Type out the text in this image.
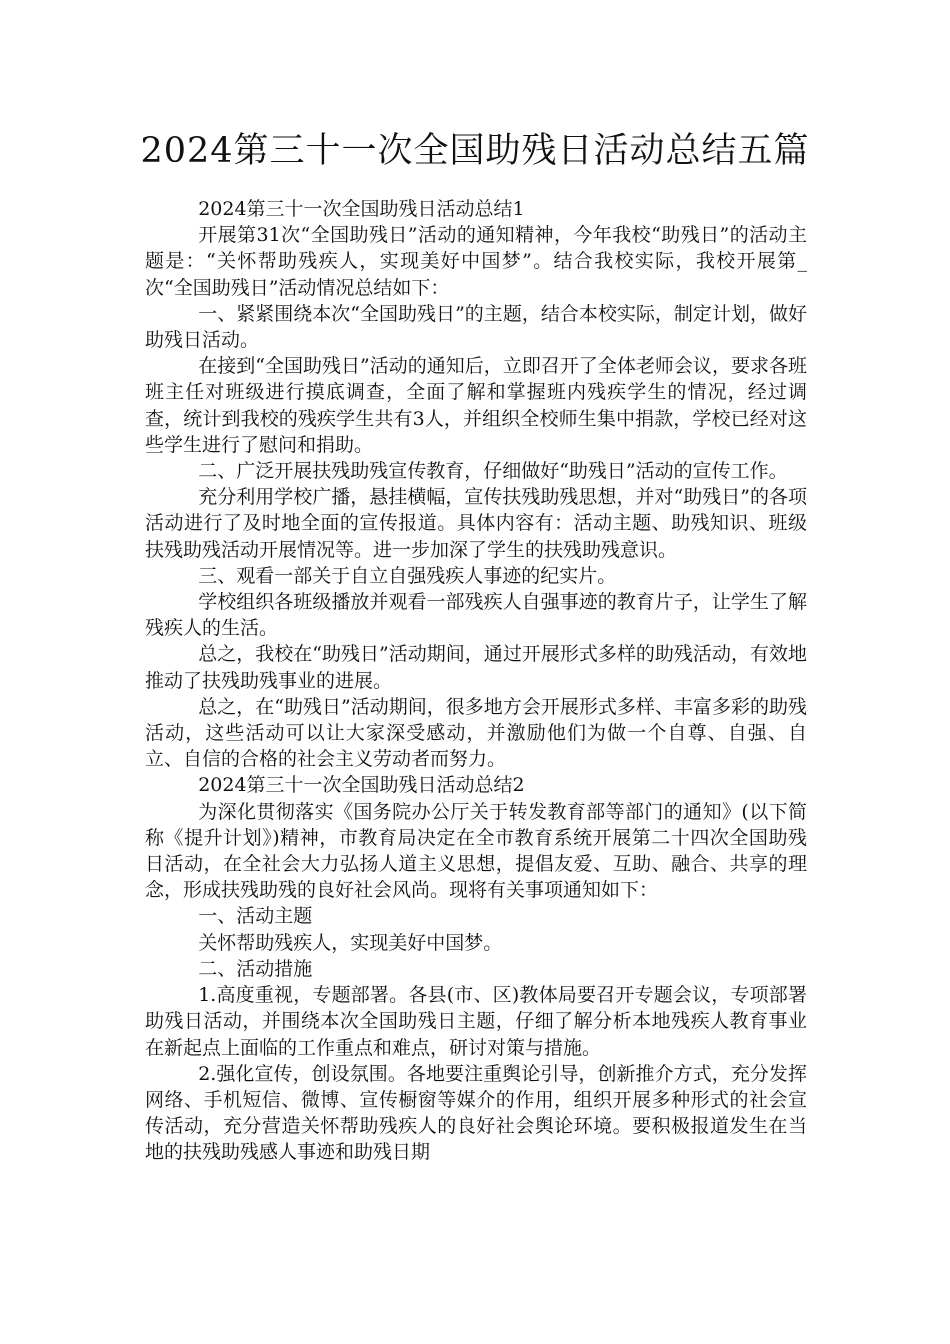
2024第三十一次全国助残日活动总结五篇

2024第三十一次全国助残日活动总结1

开展第31次“全国助残日”活动的通知精神，今年我校“助残日”的活动主题是：“关怀帮助残疾人，实现美好中国梦”。结合我校实际，我校开展第_次“全国助残日”活动情况总结如下：

一、紧紧围绕本次“全国助残日”的主题，结合本校实际，制定计划，做好助残日活动。

在接到“全国助残日”活动的通知后，立即召开了全体老师会议，要求各班班主任对班级进行摸底调查，全面了解和掌握班内残疾学生的情况，经过调查，统计到我校的残疾学生共有3人，并组织全校师生集中捐款，学校已经对这些学生进行了慰问和捐助。

二、广泛开展扶残助残宣传教育，仔细做好“助残日”活动的宣传工作。

充分利用学校广播，悬挂横幅，宣传扶残助残思想，并对“助残日”的各项活动进行了及时地全面的宣传报道。具体内容有：活动主题、助残知识、班级扶残助残活动开展情况等。进一步加深了学生的扶残助残意识。

三、观看一部关于自立自强残疾人事迹的纪实片。

学校组织各班级播放并观看一部残疾人自强事迹的教育片子，让学生了解残疾人的生活。

总之，我校在“助残日”活动期间，通过开展形式多样的助残活动，有效地推动了扶残助残事业的进展。

总之，在“助残日”活动期间，很多地方会开展形式多样、丰富多彩的助残活动，这些活动可以让大家深受感动，并激励他们为做一个自尊、自强、自立、自信的合格的社会主义劳动者而努力。

2024第三十一次全国助残日活动总结2

为深化贯彻落实《国务院办公厅关于转发教育部等部门的通知》(以下简称《提升计划》)精神，市教育局决定在全市教育系统开展第二十四次全国助残日活动，在全社会大力弘扬人道主义思想，提倡友爱、互助、融合、共享的理念，形成扶残助残的良好社会风尚。现将有关事项通知如下：

一、活动主题

关怀帮助残疾人，实现美好中国梦。

二、活动措施

1.高度重视，专题部署。各县(市、区)教体局要召开专题会议，专项部署助残日活动，并围绕本次全国助残日主题，仔细了解分析本地残疾人教育事业在新起点上面临的工作重点和难点，研讨对策与措施。

2.强化宣传，创设氛围。各地要注重舆论引导，创新推介方式，充分发挥网络、手机短信、微博、宣传橱窗等媒介的作用，组织开展多种形式的社会宣传活动，充分营造关怀帮助残疾人的良好社会舆论环境。要积极报道发生在当地的扶残助残感人事迹和助残日期
